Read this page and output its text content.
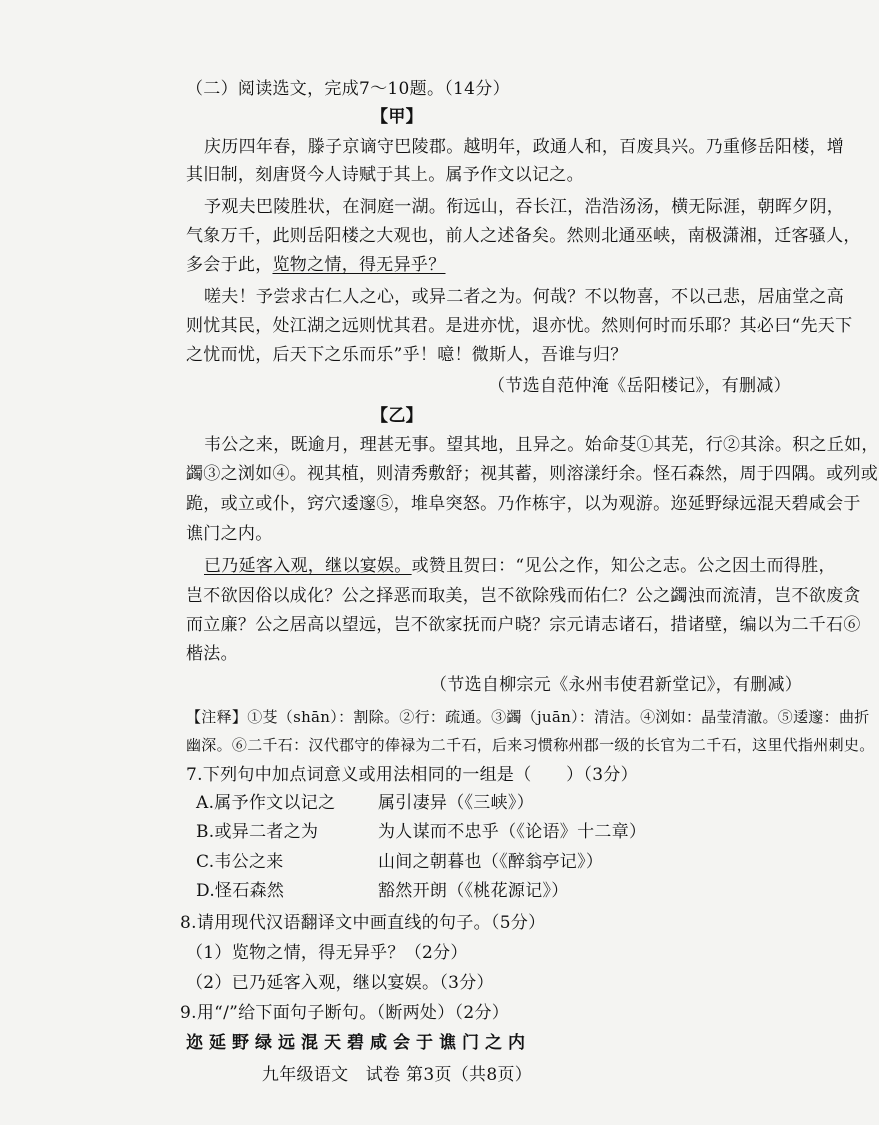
（二）阅读选文，完成7～10题。（14分）
【甲】
庆历四年春，滕子京谪守巴陵郡。越明年，政通人和，百废具兴。乃重修岳阳楼，增
其旧制，刻唐贤今人诗赋于其上。属予作文以记之。
予观夫巴陵胜状，在洞庭一湖。衔远山，吞长江，浩浩汤汤，横无际涯，朝晖夕阴，
气象万千，此则岳阳楼之大观也，前人之述备矣。然则北通巫峡，南极潇湘，迁客骚人，
多会于此，览物之情，得无异乎？
嗟夫！予尝求古仁人之心，或异二者之为。何哉？不以物喜，不以己悲，居庙堂之高
则忧其民，处江湖之远则忧其君。是进亦忧，退亦忧。然则何时而乐耶？其必曰“先天下
之忧而忧，后天下之乐而乐”乎！噫！微斯人，吾谁与归？
（节选自范仲淹《岳阳楼记》，有删减）
【乙】
韦公之来，既逾月，理甚无事。望其地，且异之。始命芟①其芜，行②其涂。积之丘如，
蠲③之浏如④。视其植，则清秀敷舒；视其蓄，则溶漾纡余。怪石森然，周于四隅。或列或
跪，或立或仆，窍穴逶邃⑤，堆阜突怒。乃作栋宇，以为观游。迩延野绿远混天碧咸会于
谯门之内。
已乃延客入观，继以宴娱。或赞且贺曰：“见公之作，知公之志。公之因土而得胜，
岂不欲因俗以成化？公之择恶而取美，岂不欲除残而佑仁？公之蠲浊而流清，岂不欲废贪
而立廉？公之居高以望远，岂不欲家抚而户晓？宗元请志诸石，措诸壁，编以为二千石⑥
楷法。
（节选自柳宗元《永州韦使君新堂记》，有删减）
【注释】①芟（shān）：割除。②行：疏通。③蠲（juān）：清洁。④浏如：晶莹清澈。⑤逶邃：曲折
幽深。⑥二千石：汉代郡守的俸禄为二千石，后来习惯称州郡一级的长官为二千石，这里代指州刺史。
7.下列句中加点词意义或用法相同的一组是（　　）（3分）
A.属予作文以记之	属引凄异（《三峡》）
B.或异二者之为	为人谋而不忠乎（《论语》十二章）
C.韦公之来	山间之朝暮也（《醉翁亭记》）
D.怪石森然	豁然开朗（《桃花源记》）
8.请用现代汉语翻译文中画直线的句子。（5分）
（1）览物之情，得无异乎？（2分）
（2）已乃延客入观，继以宴娱。（3分）
9.用“/”给下面句子断句。（断两处）（2分）
迩延野绿远混天碧咸会于谯门之内
九年级语文　试卷 第3页（共8页）
